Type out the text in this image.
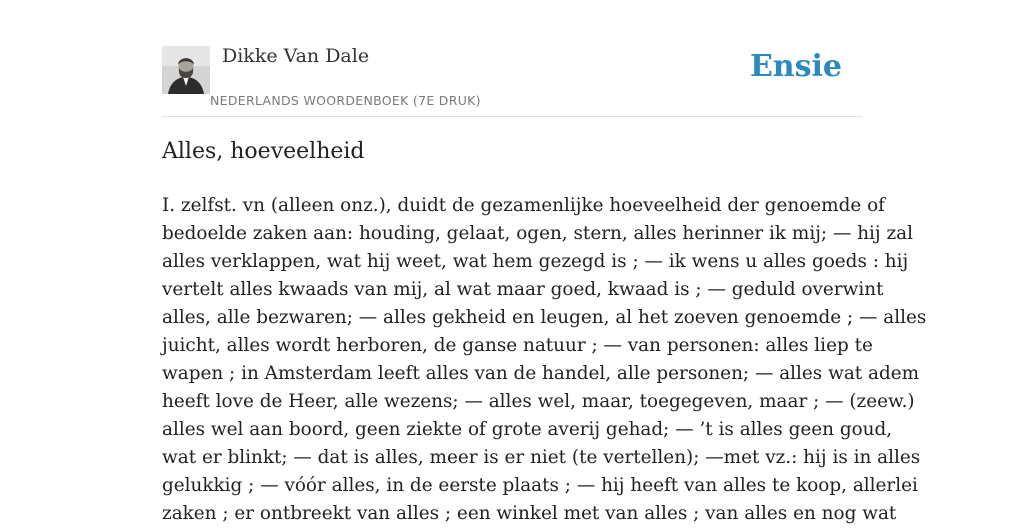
Dikke Van Dale
NEDERLANDS WOORDENBOEK (7E DRUK)
Ensie
Alles, hoeveelheid

I. zelfst. vn (alleen onz.), duidt de gezamenlijke hoeveelheid der genoemde of
bedoelde zaken aan: houding, gelaat, ogen, stern, alles herinner ik mij; — hij zal
alles verklappen, wat hij weet, wat hem gezegd is ; — ik wens u alles goeds : hij
vertelt alles kwaads van mij, al wat maar goed, kwaad is ; — geduld overwint
alles, alle bezwaren; — alles gekheid en leugen, al het zoeven genoemde ; — alles
juicht, alles wordt herboren, de ganse natuur ; — van personen: alles liep te
wapen ; in Amsterdam leeft alles van de handel, alle personen; — alles wat adem
heeft love de Heer, alle wezens; — alles wel, maar, toegegeven, maar ; — (zeew.)
alles wel aan boord, geen ziekte of grote averij gehad; — ’t is alles geen goud,
wat er blinkt; — dat is alles, meer is er niet (te vertellen); —met vz.: hij is in alles
gelukkig ; — vóór alles, in de eerste plaats ; — hij heeft van alles te koop, allerlei
zaken ; er ontbreekt van alles ; een winkel met van alles ; van alles en nog wat
